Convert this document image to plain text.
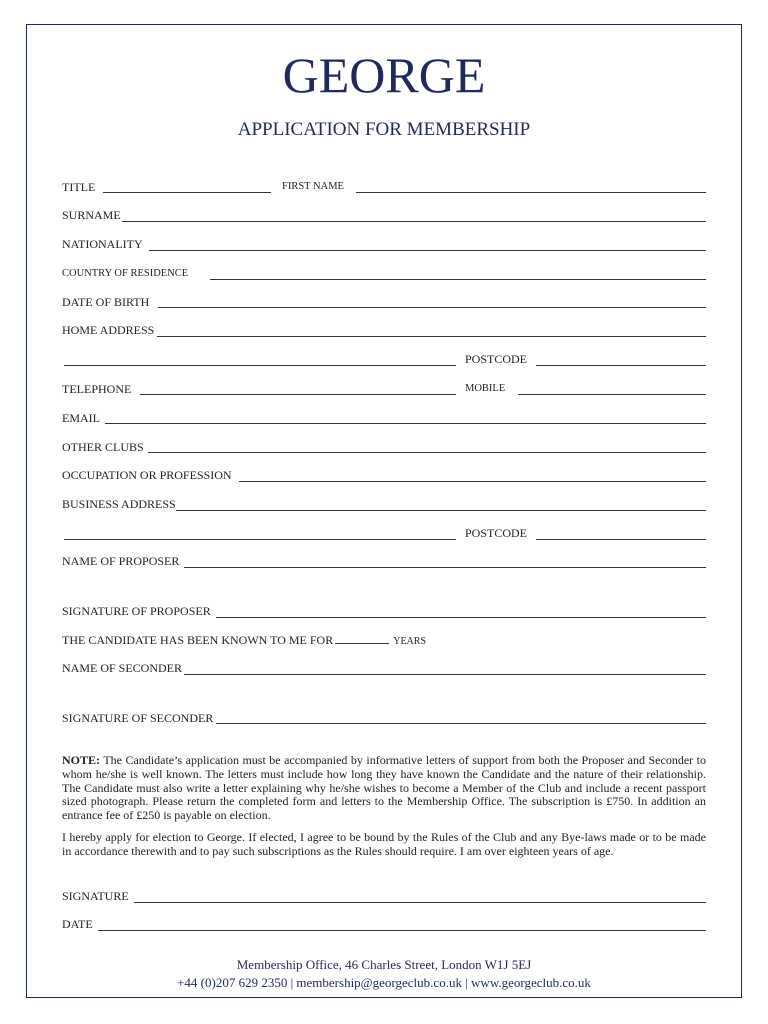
GEORGE
APPLICATION FOR MEMBERSHIP
TITLE	FIRST NAME
SURNAME
NATIONALITY
COUNTRY OF RESIDENCE
DATE OF BIRTH
HOME ADDRESS
POSTCODE
TELEPHONE	MOBILE
EMAIL
OTHER CLUBS
OCCUPATION OR PROFESSION
BUSINESS ADDRESS
POSTCODE
NAME OF PROPOSER
SIGNATURE OF PROPOSER
THE CANDIDATE HAS BEEN KNOWN TO ME FOR	YEARS
NAME OF SECONDER
SIGNATURE OF SECONDER
NOTE: The Candidate’s application must be accompanied by informative letters of support from both the Proposer and Seconder to whom he/she is well known. The letters must include how long they have known the Candidate and the nature of their relationship. The Candidate must also write a letter explaining why he/she wishes to become a Member of the Club and include a recent passport sized photograph. Please return the completed form and letters to the Membership Office. The subscription is £750. In addition an entrance fee of £250 is payable on election.
I hereby apply for election to George. If elected, I agree to be bound by the Rules of the Club and any Bye-laws made or to be made in accordance therewith and to pay such subscriptions as the Rules should require. I am over eighteen years of age.
SIGNATURE
DATE
Membership Office, 46 Charles Street, London W1J 5EJ
+44 (0)207 629 2350 | membership@georgeclub.co.uk | www.georgeclub.co.uk
